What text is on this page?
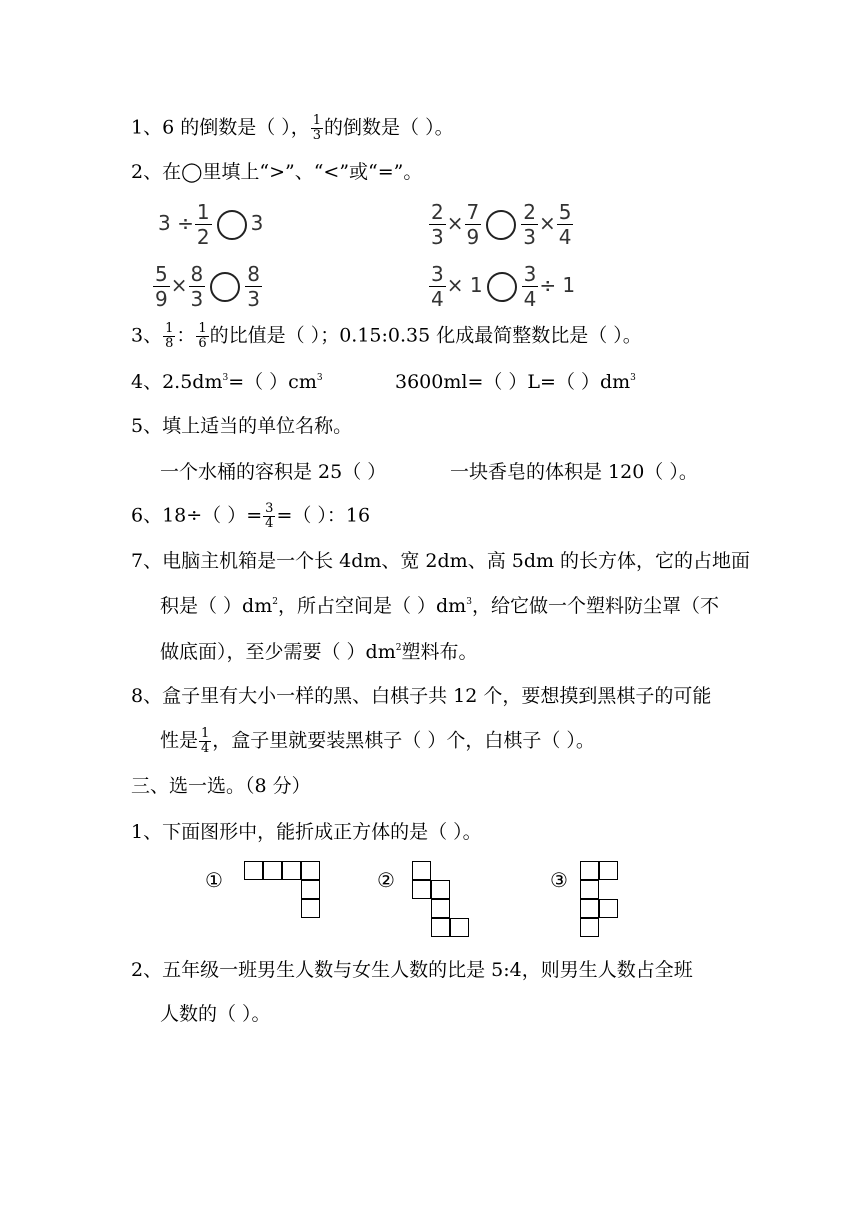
1、6 的倒数是（ ）， $\frac{1}{3}$ 的倒数是（ ）。
2、在◯里填上“>”、“<”或“=”。
$3 \div \frac{1}{2} 3$	$\frac{2}{3} \times \frac{7}{9} \frac{2}{3} \times \frac{5}{4}$
$\frac{5}{9} \times \frac{8}{3} \frac{8}{3}$	$\frac{3}{4} \times 1 \frac{3}{4} \div 1$
3、 $\frac{1}{8}$ ： $\frac{1}{6}$ 的比值是（ ）；0.15:0.35 化成最简整数比是（ ）。
4、$2.5dm^3=$（ ）$cm^3$	3600ml=（ ）L=（ ）$dm^3$
5、填上适当的单位名称。
一个水桶的容积是 25（ ）	一块香皂的体积是 120（ ）。
6、18÷（ ）= $\frac{3}{4}$ =（ ）：16
7、电脑主机箱是一个长 4dm、宽 2dm、高 5dm 的长方体，它的占地面
积是（ ）$dm^2$，所占空间是（ ）$dm^3$，给它做一个塑料防尘罩（不
做底面），至少需要（ ）$dm^2$塑料布。
8、盒子里有大小一样的黑、白棋子共 12 个，要想摸到黑棋子的可能
性是 $\frac{1}{4}$ ，盒子里就要装黑棋子（ ）个，白棋子（ ）。
三、选一选。（8 分）
1、下面图形中，能折成正方体的是（ ）。
①	②	③
2、五年级一班男生人数与女生人数的比是 5:4，则男生人数占全班
人数的（ ）。
